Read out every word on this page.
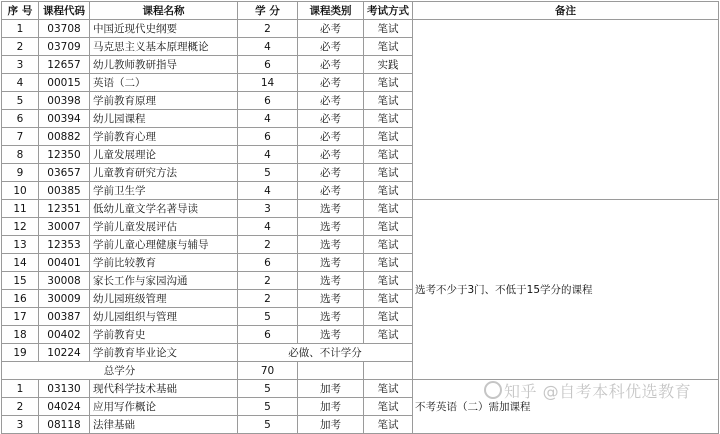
序 号	课程代码	课程名称	学 分	课程类别	考试方式	备注	
1	03708	中国近现代史纲要	2	必考	笔试		
2	03709	马克思主义基本原理概论	4	必考	笔试		
3	12657	幼儿教师教研指导	6	必考	实践		
4	00015	英语（二）	14	必考	笔试		
5	00398	学前教育原理	6	必考	笔试		
6	00394	幼儿园课程	4	必考	笔试		
7	00882	学前教育心理	6	必考	笔试		
8	12350	儿童发展理论	4	必考	笔试		
9	03657	儿童教育研究方法	5	必考	笔试		
10	00385	学前卫生学	4	必考	笔试		
11	12351	低幼儿童文学名著导读	3	选考	笔试	选考不少于3门、不低于15学分的课程	
12	30007	学前儿童发展评估	4	选考	笔试		
13	12353	学前儿童心理健康与辅导	2	选考	笔试		
14	00401	学前比较教育	6	选考	笔试		
15	30008	家长工作与家园沟通	2	选考	笔试		
16	30009	幼儿园班级管理	2	选考	笔试		
17	00387	幼儿园组织与管理	5	选考	笔试		
18	00402	学前教育史	6	选考	笔试		
19	10224	学前教育毕业论文	必做、不计学分				
总学分			70				
1	03130	现代科学技术基础	5	加考	笔试	不考英语（二）需加课程	
2	04024	应用写作概论	5	加考	笔试		
3	08118	法律基础	5	加考	笔试		
知乎 @自考本科优选教育
